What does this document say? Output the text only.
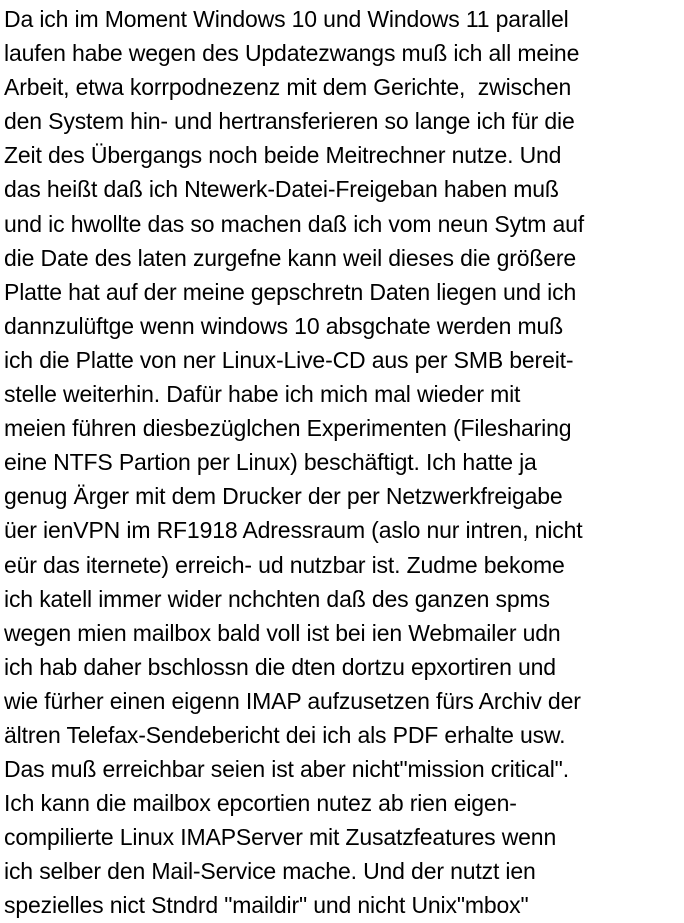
Da ich im Moment Windows 10 und Windows 11 parallel
laufen habe wegen des Updatezwangs muß ich all meine
Arbeit, etwa korrpodnezenz mit dem Gerichte,  zwischen
den System hin- und hertransferieren so lange ich für die
Zeit des Übergangs noch beide Meitrechner nutze. Und
das heißt daß ich Ntewerk-Datei-Freigeban haben muß
und ic hwollte das so machen daß ich vom neun Sytm auf
die Date des laten zurgefne kann weil dieses die größere
Platte hat auf der meine gepschretn Daten liegen und ich
dannzulüftge wenn windows 10 absgchate werden muß
ich die Platte von ner Linux-Live-CD aus per SMB bereit-
stelle weiterhin. Dafür habe ich mich mal wieder mit
meien führen diesbezüglchen Experimenten (Filesharing
eine NTFS Partion per Linux) beschäftigt. Ich hatte ja
genug Ärger mit dem Drucker der per Netzwerkfreigabe
üer ienVPN im RF1918 Adressraum (aslo nur intren, nicht
eür das iternete) erreich- ud nutzbar ist. Zudme bekome
ich katell immer wider nchchten daß des ganzen spms
wegen mien mailbox bald voll ist bei ien Webmailer udn
ich hab daher bschlossn die dten dortzu epxortiren und
wie fürher einen eigenn IMAP aufzusetzen fürs Archiv der
ältren Telefax-Sendebericht dei ich als PDF erhalte usw.
Das muß erreichbar seien ist aber nicht"mission critical".
Ich kann die mailbox epcortien nutez ab rien eigen-
compilierte Linux IMAPServer mit Zusatzfeatures wenn
ich selber den Mail-Service mache. Und der nutzt ien
spezielles nict Stndrd "maildir" und nicht Unix"mbox"
